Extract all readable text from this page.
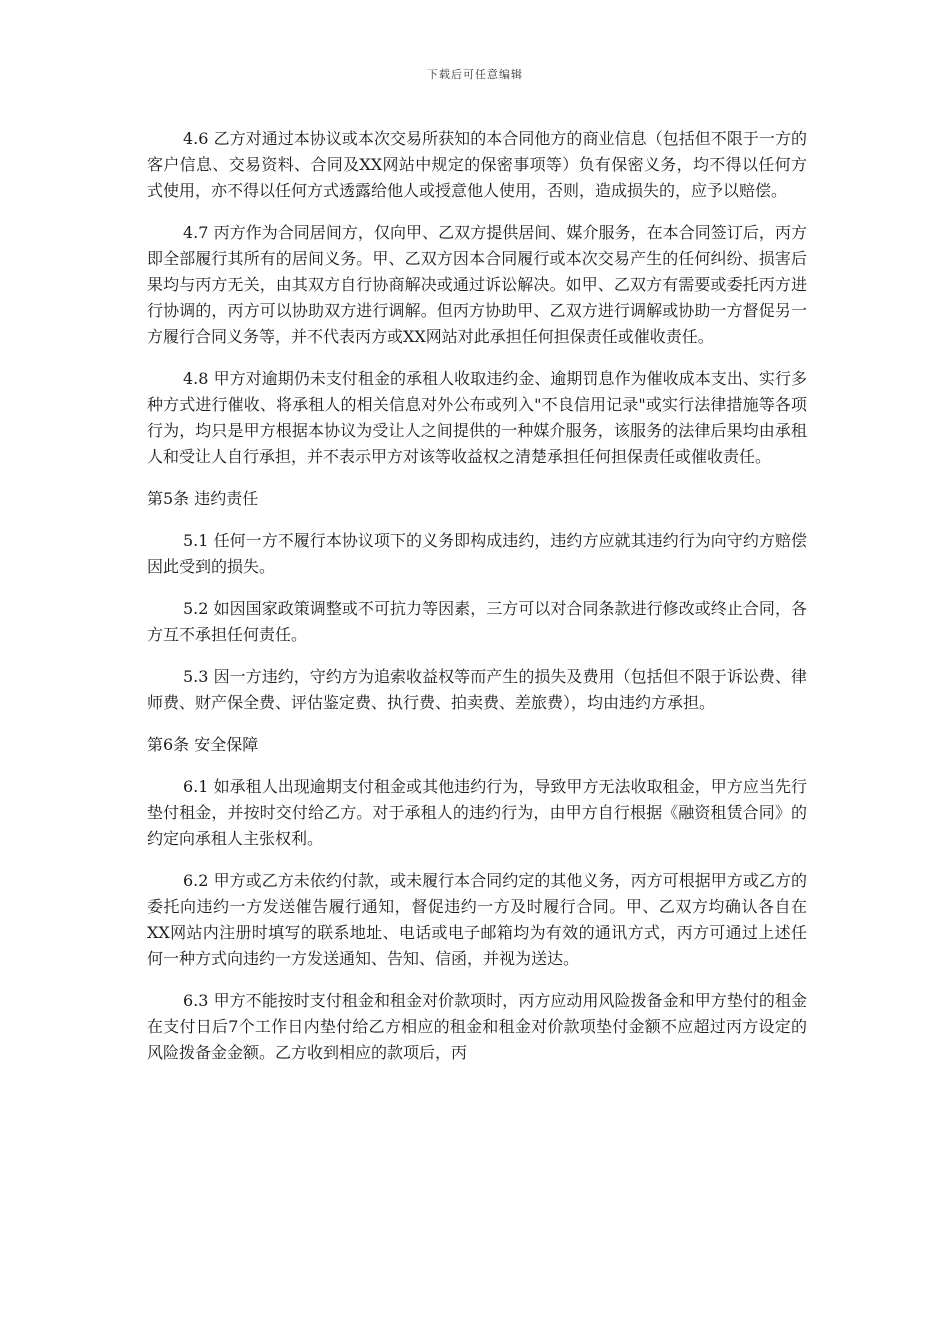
下载后可任意编辑

4.6 乙方对通过本协议或本次交易所获知的本合同他方的商业信息（包括但不限于一方的客户信息、交易资料、合同及XX网站中规定的保密事项等）负有保密义务，均不得以任何方式使用，亦不得以任何方式透露给他人或授意他人使用，否则，造成损失的，应予以赔偿。

4.7 丙方作为合同居间方，仅向甲、乙双方提供居间、媒介服务，在本合同签订后，丙方即全部履行其所有的居间义务。甲、乙双方因本合同履行或本次交易产生的任何纠纷、损害后果均与丙方无关，由其双方自行协商解决或通过诉讼解决。如甲、乙双方有需要或委托丙方进行协调的，丙方可以协助双方进行调解。但丙方协助甲、乙双方进行调解或协助一方督促另一方履行合同义务等，并不代表丙方或XX网站对此承担任何担保责任或催收责任。

4.8 甲方对逾期仍未支付租金的承租人收取违约金、逾期罚息作为催收成本支出、实行多种方式进行催收、将承租人的相关信息对外公布或列入"不良信用记录"或实行法律措施等各项行为，均只是甲方根据本协议为受让人之间提供的一种媒介服务，该服务的法律后果均由承租人和受让人自行承担，并不表示甲方对该等收益权之清楚承担任何担保责任或催收责任。

第5条 违约责任

5.1 任何一方不履行本协议项下的义务即构成违约，违约方应就其违约行为向守约方赔偿因此受到的损失。

5.2 如因国家政策调整或不可抗力等因素，三方可以对合同条款进行修改或终止合同，各方互不承担任何责任。

5.3 因一方违约，守约方为追索收益权等而产生的损失及费用（包括但不限于诉讼费、律师费、财产保全费、评估鉴定费、执行费、拍卖费、差旅费），均由违约方承担。

第6条 安全保障

6.1 如承租人出现逾期支付租金或其他违约行为，导致甲方无法收取租金，甲方应当先行垫付租金，并按时交付给乙方。对于承租人的违约行为，由甲方自行根据《融资租赁合同》的约定向承租人主张权利。

6.2 甲方或乙方未依约付款，或未履行本合同约定的其他义务，丙方可根据甲方或乙方的委托向违约一方发送催告履行通知，督促违约一方及时履行合同。甲、乙双方均确认各自在XX网站内注册时填写的联系地址、电话或电子邮箱均为有效的通讯方式，丙方可通过上述任何一种方式向违约一方发送通知、告知、信函，并视为送达。

6.3 甲方不能按时支付租金和租金对价款项时，丙方应动用风险拨备金和甲方垫付的租金在支付日后7个工作日内垫付给乙方相应的租金和租金对价款项垫付金额不应超过丙方设定的风险拨备金金额。乙方收到相应的款项后，丙
